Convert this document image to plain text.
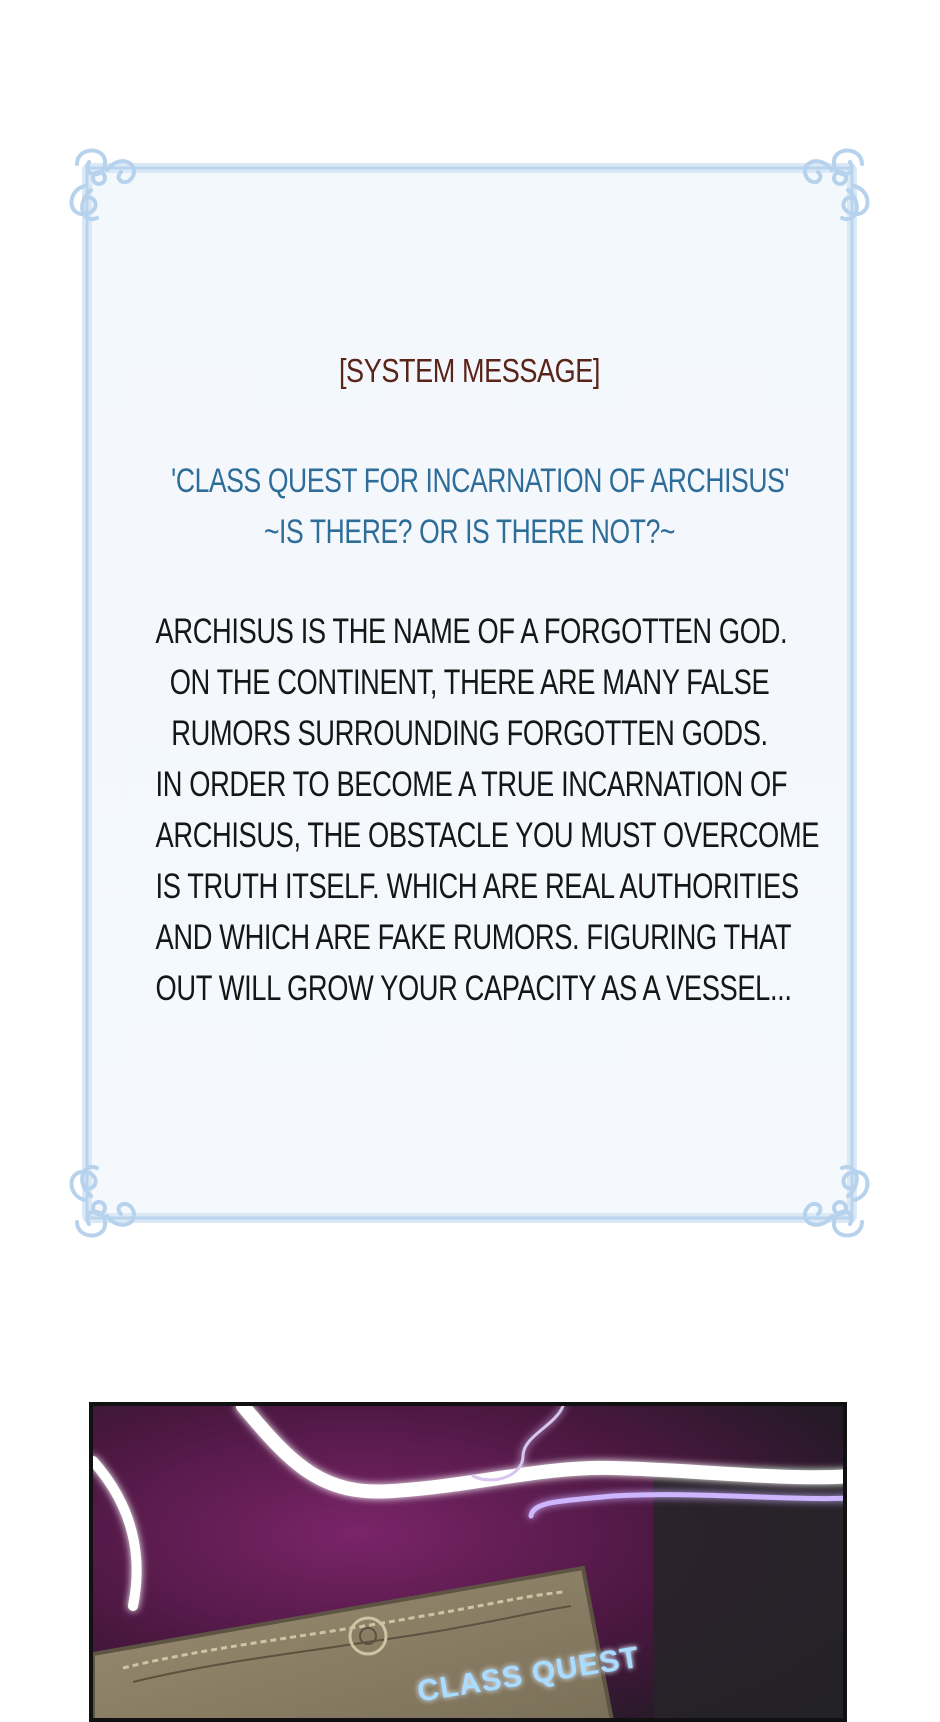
[SYSTEM MESSAGE]
'CLASS QUEST FOR INCARNATION OF ARCHISUS'
~IS THERE? OR IS THERE NOT?~
ARCHISUS IS THE NAME OF A FORGOTTEN GOD.
ON THE CONTINENT, THERE ARE MANY FALSE
RUMORS SURROUNDING FORGOTTEN GODS.
IN ORDER TO BECOME A TRUE INCARNATION OF
ARCHISUS, THE OBSTACLE YOU MUST OVERCOME
IS TRUTH ITSELF. WHICH ARE REAL AUTHORITIES
AND WHICH ARE FAKE RUMORS. FIGURING THAT
OUT WILL GROW YOUR CAPACITY AS A VESSEL...
CLASS QUEST
